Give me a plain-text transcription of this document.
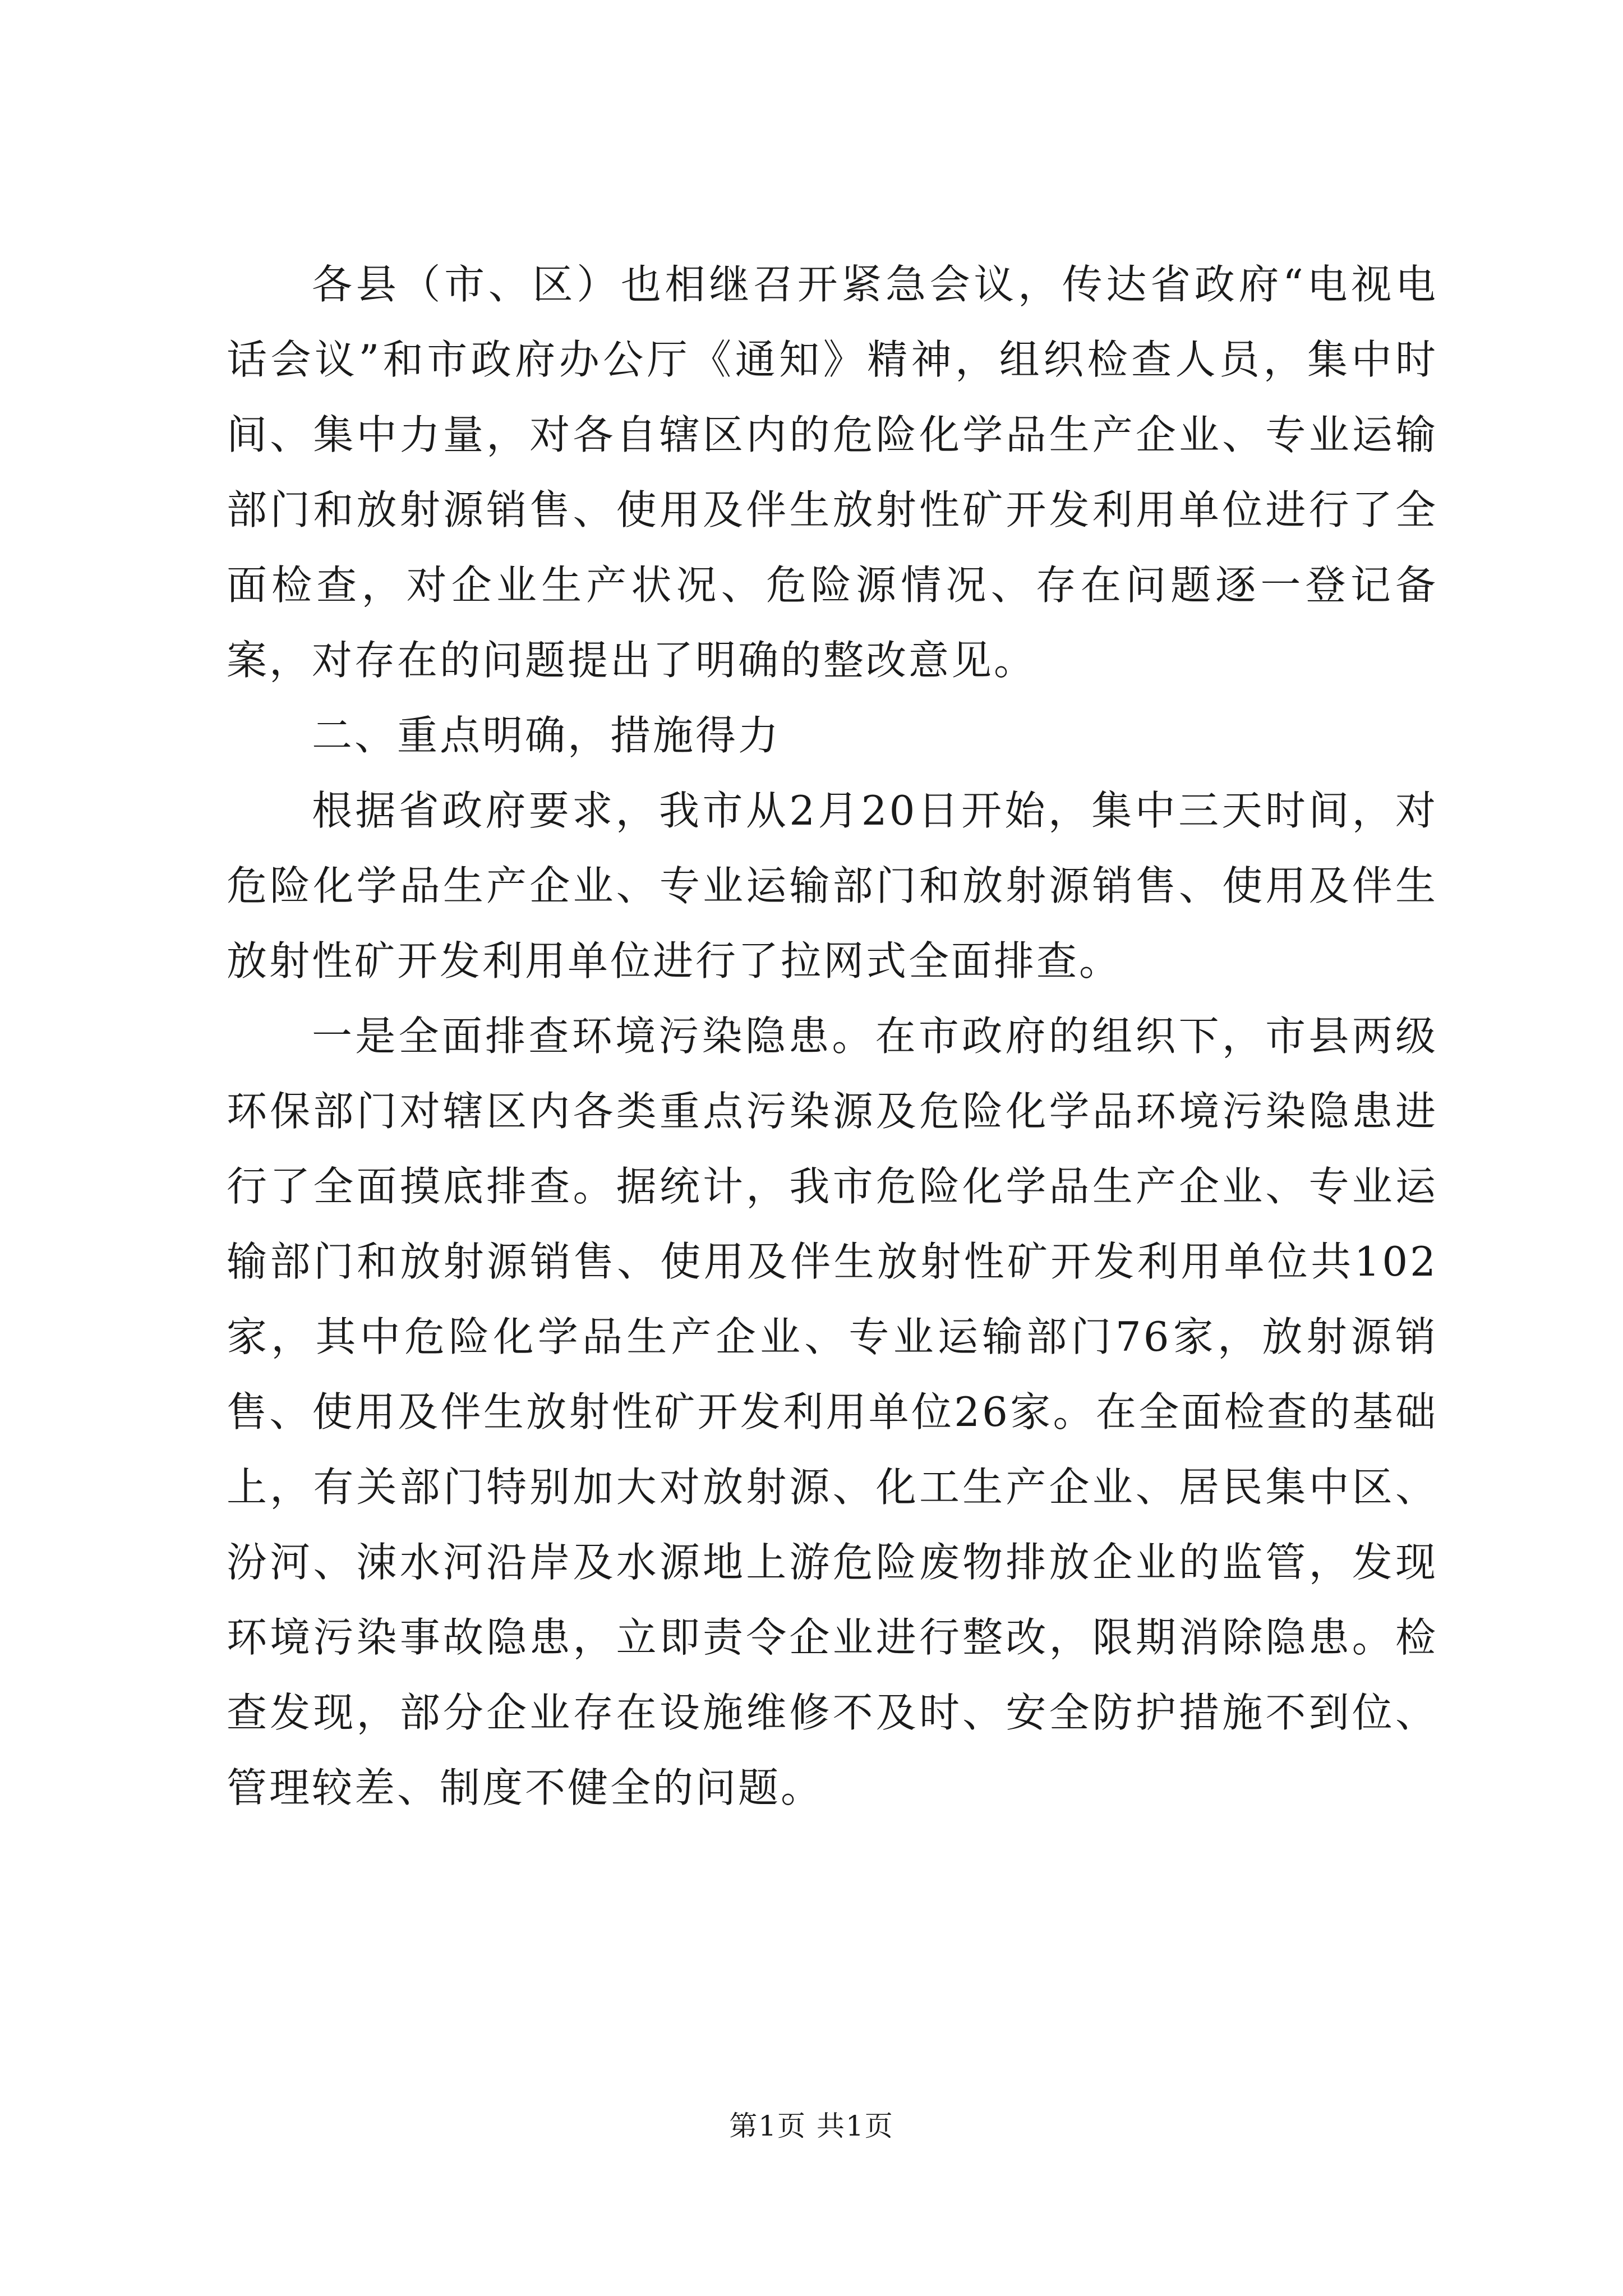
各县（市、区）也相继召开紧急会议，传达省政府“电视电话会议”和市政府办公厅《通知》精神，组织检查人员，集中时间、集中力量，对各自辖区内的危险化学品生产企业、专业运输部门和放射源销售、使用及伴生放射性矿开发利用单位进行了全面检查，对企业生产状况、危险源情况、存在问题逐一登记备案，对存在的问题提出了明确的整改意见。

二、重点明确，措施得力

根据省政府要求，我市从2月20日开始，集中三天时间，对危险化学品生产企业、专业运输部门和放射源销售、使用及伴生放射性矿开发利用单位进行了拉网式全面排查。

一是全面排查环境污染隐患。在市政府的组织下，市县两级环保部门对辖区内各类重点污染源及危险化学品环境污染隐患进行了全面摸底排查。据统计，我市危险化学品生产企业、专业运输部门和放射源销售、使用及伴生放射性矿开发利用单位共102家，其中危险化学品生产企业、专业运输部门76家，放射源销售、使用及伴生放射性矿开发利用单位26家。在全面检查的基础上，有关部门特别加大对放射源、化工生产企业、居民集中区、汾河、涑水河沿岸及水源地上游危险废物排放企业的监管，发现环境污染事故隐患，立即责令企业进行整改，限期消除隐患。检查发现，部分企业存在设施维修不及时、安全防护措施不到位、管理较差、制度不健全的问题。

第1页 共1页
